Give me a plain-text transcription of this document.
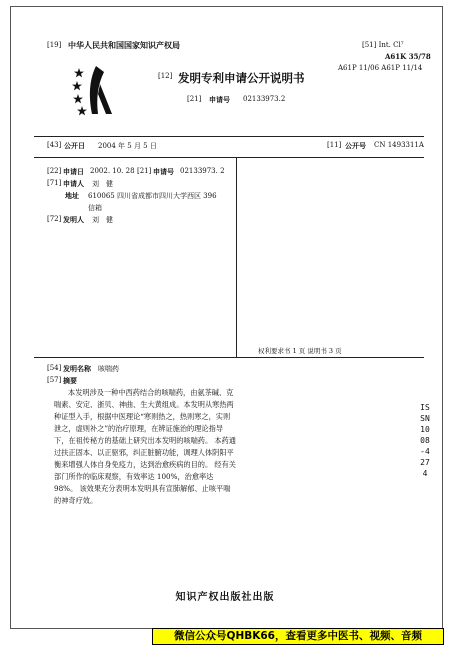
[19] 中华人民共和国国家知识产权局	[51] Int. Cl⁷
A61K 35/78
A61P 11/06 A61P 11/14
[12] 发明专利申请公开说明书
[21] 申请号 02133973.2
[43] 公开日 2004 年 5 月 5 日	[11] 公开号 CN 1493311A
[22] 申请日 2002. 10. 28 [21] 申请号 02133973. 2
[71] 申请人 刘　健
地址 610065 四川省成都市四川大学西区 396
信箱
[72] 发明人 刘　健
权利要求书 1 页 说明书 3 页
[54] 发明名称 咳喘药
[57] 摘要
本发明涉及一种中西药结合的咳喘药，由氨茶碱、克喘素、安定、浙贝、神曲、生大黄组成。本发明从寒热两种证型入手，根据中医理论“寒则热之，热则寒之，实则泄之，虚则补之”的治疗原理，在辨证施治的理论指导下，在祖传秘方的基础上研究出本发明的咳喘药。 本药通过扶正固本、以正驱邪，纠正脏腑功能，调理人体阴阳平衡来增强人体自身免疫力，达到治愈疾病的目的。 经有关部门所作的临床观察，有效率达 100%，治愈率达 98%。 该效果充分表明本发明具有宣肺解郁、止咳平喘的神奇疗效。
ISSN1008-4274
知识产权出版社出版
微信公众号QHBK66，查看更多中医书、视频、音频
